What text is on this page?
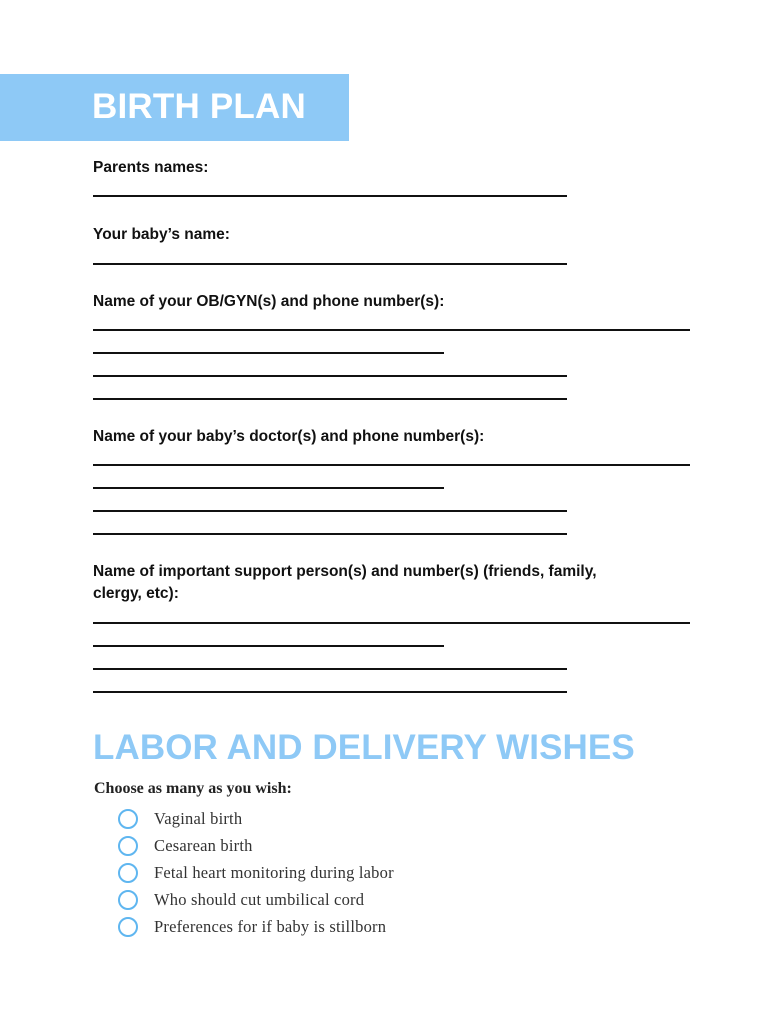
BIRTH PLAN
Parents names:
Your baby’s name:
Name of your OB/GYN(s) and phone number(s):
Name of your baby’s doctor(s) and phone number(s):
Name of important support person(s) and number(s) (friends, family,
clergy, etc):
LABOR AND DELIVERY WISHES
Choose as many as you wish:
Vaginal birth
Cesarean birth
Fetal heart monitoring during labor
Who should cut umbilical cord
Preferences for if baby is stillborn
